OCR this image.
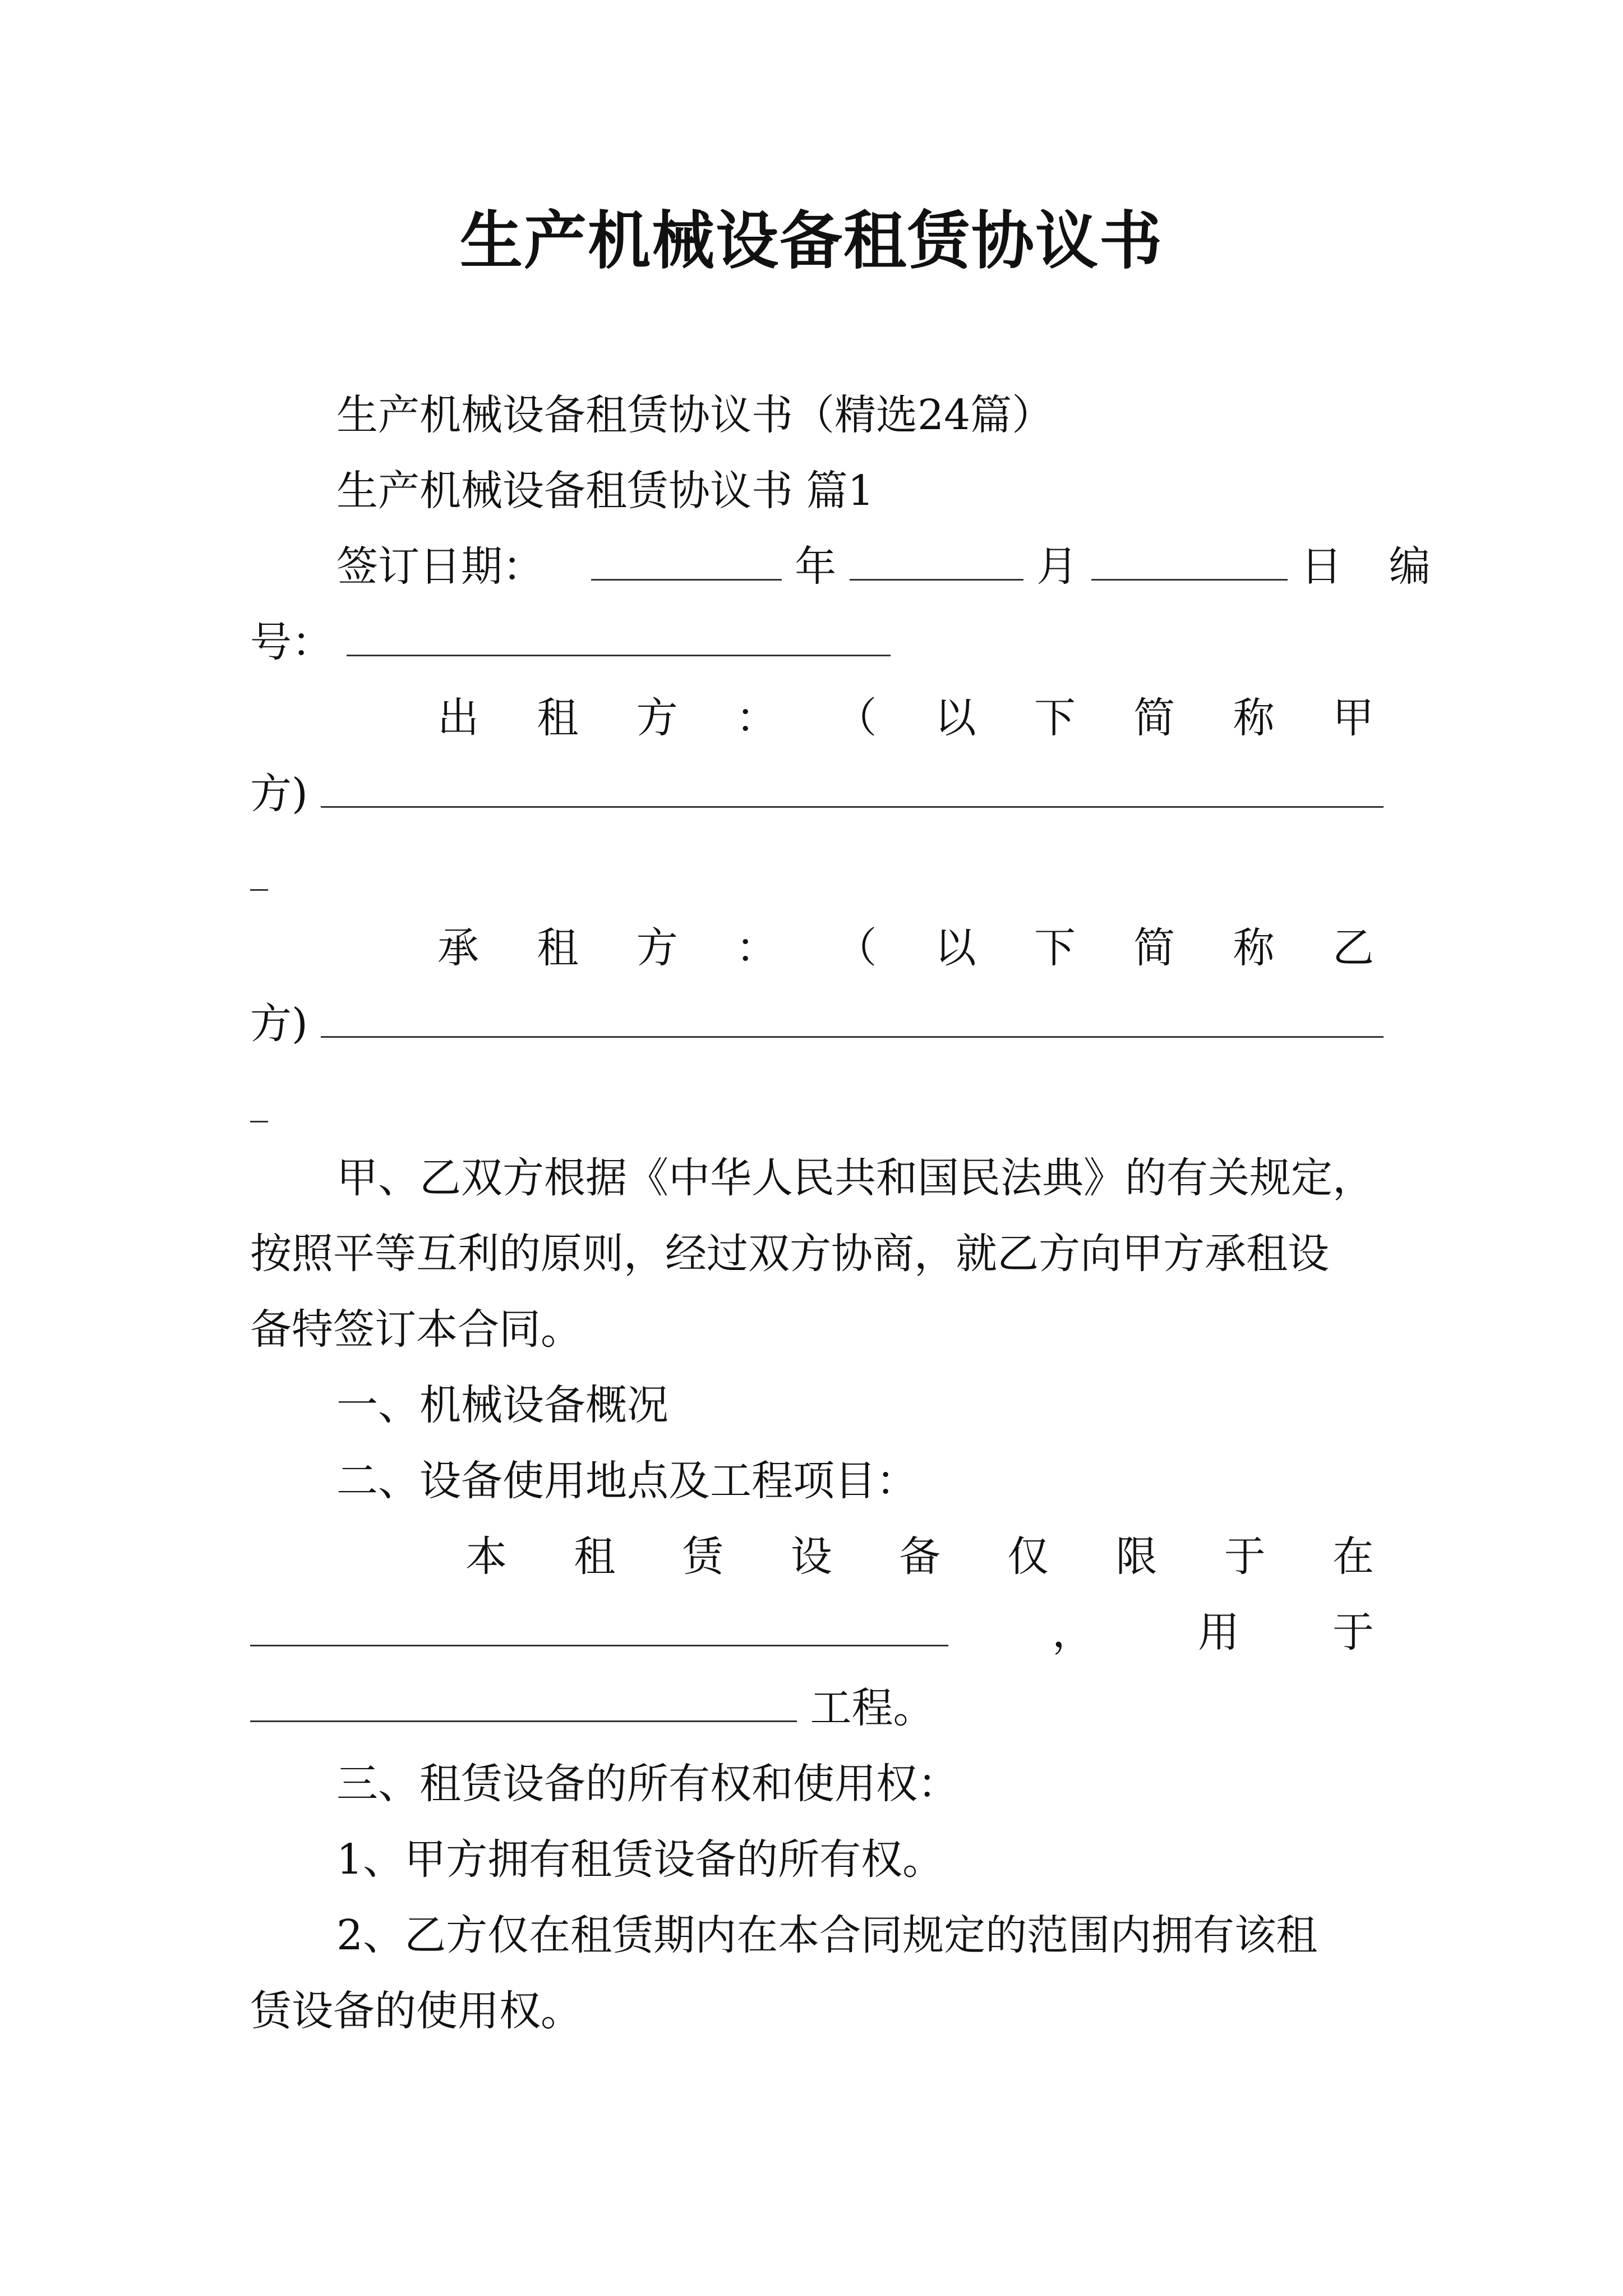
生产机械设备租赁协议书
生产机械设备租赁协议书（精选24篇）
生产机械设备租赁协议书 篇1
签订日期：	年	月	日 编
号：
出 租 方 ： （ 以 下 简 称 甲
方)
承 租 方 ： （ 以 下 简 称 乙
方)
甲、乙双方根据《中华人民共和国民法典》的有关规定，
按照平等互利的原则，经过双方协商，就乙方向甲方承租设
备特签订本合同。
一、机械设备概况
二、设备使用地点及工程项目：
本 租 赁 设 备 仅 限 于 在
，	用 于
工程。
三、租赁设备的所有权和使用权：
1、甲方拥有租赁设备的所有权。
2、乙方仅在租赁期内在本合同规定的范围内拥有该租
赁设备的使用权。
